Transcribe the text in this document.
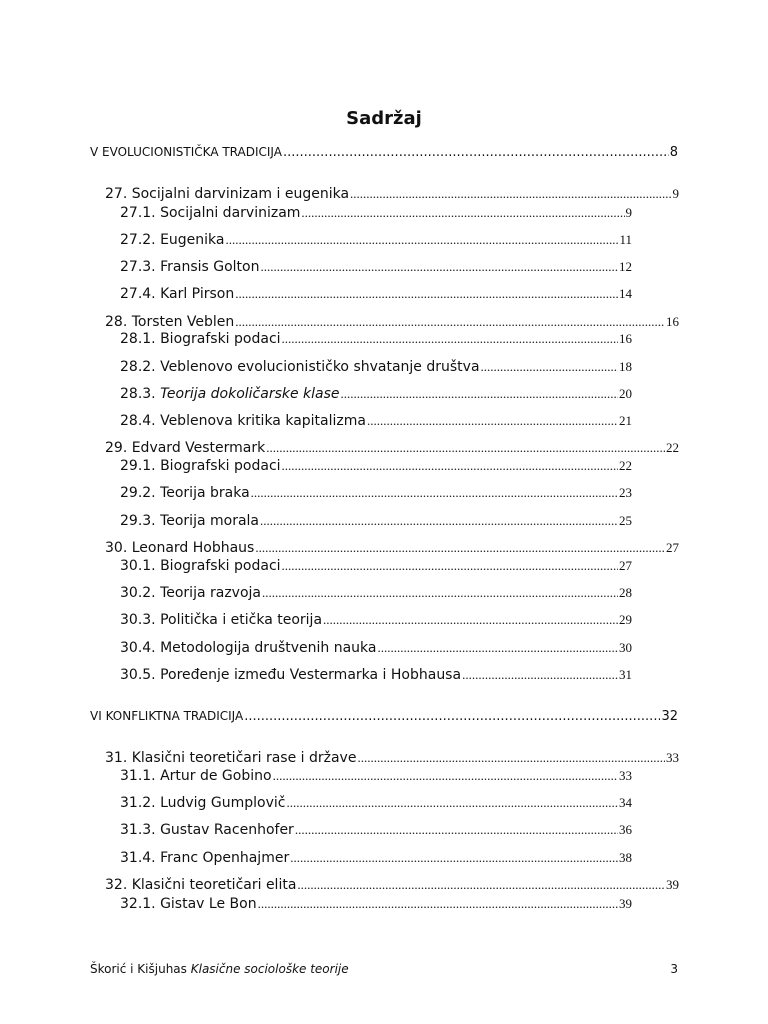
Sadržaj
V EVOLUCIONISTIČKA TRADICIJA .....	8
27. Socijalni darvinizam i eugenika .....	9
27.1. Socijalni darvinizam .....	9
27.2. Eugenika .....	11
27.3. Fransis Golton .....	12
27.4. Karl Pirson .....	14
28. Torsten Veblen .....	16
28.1. Biografski podaci .....	16
28.2. Veblenovo evolucionističko shvatanje društva .....	18
28.3. Teorija dokoličarske klase .....	20
28.4. Veblenova kritika kapitalizma .....	21
29. Edvard Vestermark .....	22
29.1. Biografski podaci .....	22
29.2. Teorija braka .....	23
29.3. Teorija morala .....	25
30. Leonard Hobhaus .....	27
30.1. Biografski podaci .....	27
30.2. Teorija razvoja .....	28
30.3. Politička i etička teorija .....	29
30.4. Metodologija društvenih nauka .....	30
30.5. Poređenje između Vestermarka i Hobhausa .....	31
VI KONFLIKTNA TRADICIJA .....	32
31. Klasični teoretičari rase i države .....	33
31.1. Artur de Gobino .....	33
31.2. Ludvig Gumplovič .....	34
31.3. Gustav Racenhofer .....	36
31.4. Franc Openhajmer .....	38
32. Klasični teoretičari elita .....	39
32.1. Gistav Le Bon .....	39
Škorić i Kišjuhas Klasične sociološke teorije	3
